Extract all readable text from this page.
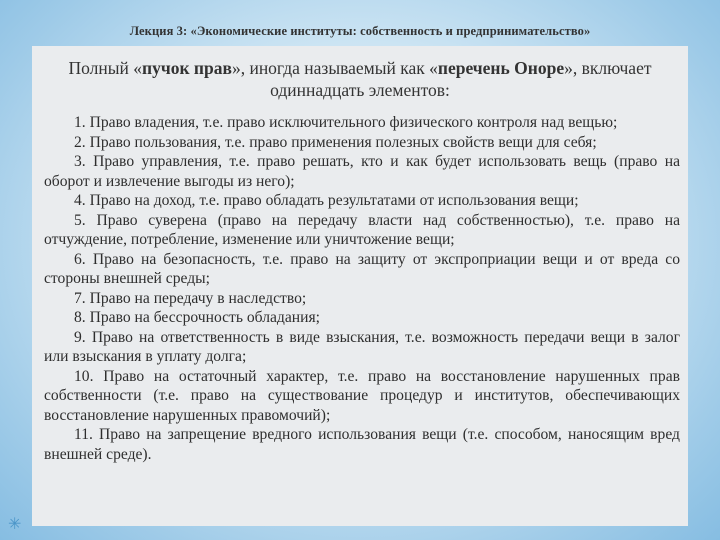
Лекция 3: «Экономические институты: собственность и предпринимательство»
Полный «пучок прав», иногда называемый как «перечень Оноре», включает одиннадцать элементов:

1. Право владения, т.е. право исключительного физического контроля над вещью;

2. Право пользования, т.е. право применения полезных свойств вещи для себя;

3. Право управления, т.е. право решать, кто и как будет использовать вещь (право на оборот и извлечение выгоды из него);

4. Право на доход, т.е. право обладать результатами от использования вещи;

5. Право суверена (право на передачу власти над собственностью), т.е. право на отчуждение, потребление, изменение или уничтожение вещи;

6. Право на безопасность, т.е. право на защиту от экспроприации вещи и от вреда со стороны внешней среды;

7. Право на передачу в наследство;

8. Право на бессрочность обладания;

9. Право на ответственность в виде взыскания, т.е. возможность передачи вещи в залог или взыскания в уплату долга;

10. Право на остаточный характер, т.е. право на восстановление нарушенных прав собственности (т.е. право на существование процедур и институтов, обеспечивающих восстановление нарушенных правомочий);

11. Право на запрещение вредного использования вещи (т.е. способом, наносящим вред внешней среде).

✳
